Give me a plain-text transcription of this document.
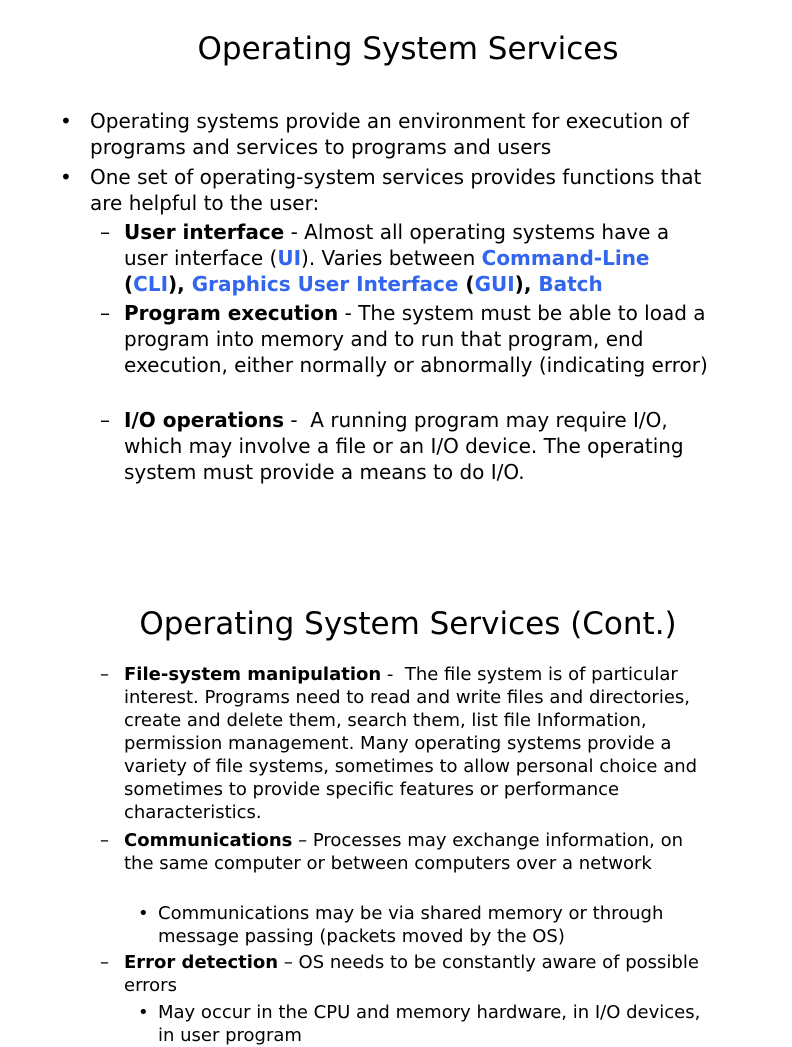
Operating System Services

• Operating systems provide an environment for execution of programs and services to programs and users

• One set of operating-system services provides functions that are helpful to the user:

– User interface - Almost all operating systems have a user interface (UI). Varies between Command-Line (CLI), Graphics User Interface (GUI), Batch

– Program execution - The system must be able to load a program into memory and to run that program, end execution, either normally or abnormally (indicating error)

– I/O operations -  A running program may require I/O, which may involve a file or an I/O device. The operating system must provide a means to do I/O.

Operating System Services (Cont.)

– File-system manipulation -  The file system is of particular interest. Programs need to read and write files and directories, create and delete them, search them, list file Information, permission management. Many operating systems provide a variety of file systems, sometimes to allow personal choice and sometimes to provide specific features or performance characteristics.

– Communications – Processes may exchange information, on the same computer or between computers over a network

• Communications may be via shared memory or through message passing (packets moved by the OS)

– Error detection – OS needs to be constantly aware of possible errors

• May occur in the CPU and memory hardware, in I/O devices, in user program
